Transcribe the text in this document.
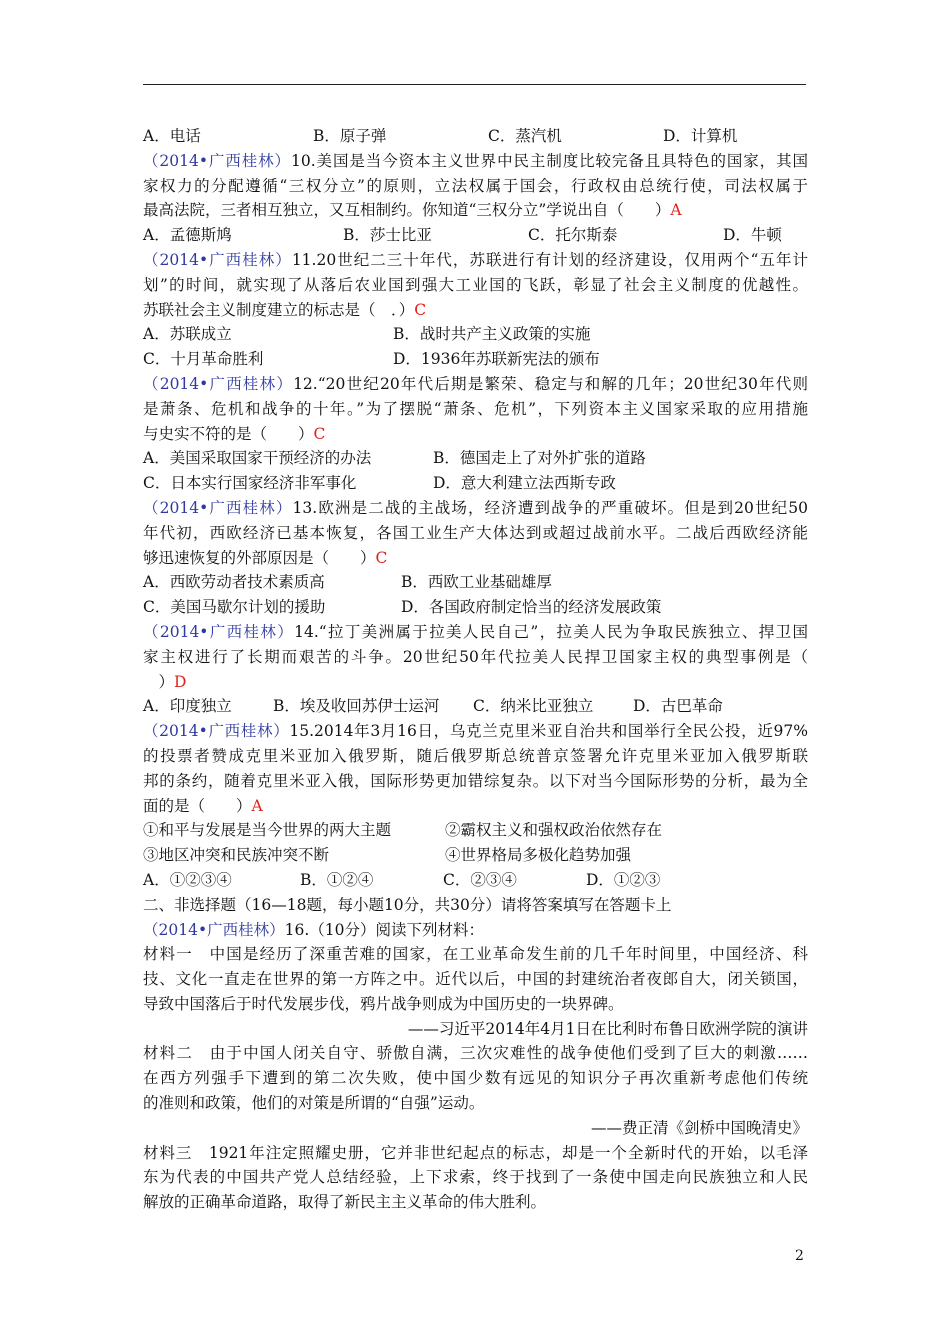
A．电话	B．原子弹	C．蒸汽机	D．计算机
（2014•广西桂林）10.美国是当今资本主义世界中民主制度比较完备且具特色的国家，其国
家权力的分配遵循“三权分立”的原则，立法权属于国会，行政权由总统行使，司法权属于
最高法院，三者相互独立，又互相制约。你知道“三权分立”学说出自（　　）A
A．孟德斯鸠	B．莎士比亚	C．托尔斯泰	D．牛顿
（2014•广西桂林）11.20世纪二三十年代，苏联进行有计划的经济建设，仅用两个“五年计
划”的时间，就实现了从落后农业国到强大工业国的飞跃，彰显了社会主义制度的优越性。
苏联社会主义制度建立的标志是（　．）C
A．苏联成立	B．战时共产主义政策的实施
C．十月革命胜利	D．1936年苏联新宪法的颁布
（2014•广西桂林）12.“20世纪20年代后期是繁荣、稳定与和解的几年；20世纪30年代则
是萧条、危机和战争的十年。”为了摆脱“萧条、危机”，下列资本主义国家采取的应用措施
与史实不符的是（　　）C
A．美国采取国家干预经济的办法	B．德国走上了对外扩张的道路
C．日本实行国家经济非军事化	D．意大利建立法西斯专政
（2014•广西桂林）13.欧洲是二战的主战场，经济遭到战争的严重破坏。但是到20世纪50
年代初，西欧经济已基本恢复，各国工业生产大体达到或超过战前水平。二战后西欧经济能
够迅速恢复的外部原因是（　　）C
A．西欧劳动者技术素质高	B．西欧工业基础雄厚
C．美国马歇尔计划的援助	D．各国政府制定恰当的经济发展政策
（2014•广西桂林）14.“拉丁美洲属于拉美人民自己”，拉美人民为争取民族独立、捍卫国
家主权进行了长期而艰苦的斗争。20世纪50年代拉美人民捍卫国家主权的典型事例是（
　）D
A．印度独立	B．埃及收回苏伊士运河	C．纳米比亚独立	D．古巴革命
（2014•广西桂林）15.2014年3月16日，乌克兰克里米亚自治共和国举行全民公投，近97%
的投票者赞成克里米亚加入俄罗斯，随后俄罗斯总统普京签署允许克里米亚加入俄罗斯联
邦的条约，随着克里米亚入俄，国际形势更加错综复杂。以下对当今国际形势的分析，最为全
面的是（　　）A
①和平与发展是当今世界的两大主题	②霸权主义和强权政治依然存在
③地区冲突和民族冲突不断	④世界格局多极化趋势加强
A．①②③④	B．①②④	C．②③④	D．①②③
二、非选择题（16—18题，每小题10分，共30分）请将答案填写在答题卡上
（2014•广西桂林）16.（10分）阅读下列材料：
材料一　中国是经历了深重苦难的国家，在工业革命发生前的几千年时间里，中国经济、科
技、文化一直走在世界的第一方阵之中。近代以后，中国的封建统治者夜郎自大，闭关锁国，
导致中国落后于时代发展步伐，鸦片战争则成为中国历史的一块界碑。
——习近平2014年4月1日在比利时布鲁日欧洲学院的演讲
材料二　由于中国人闭关自守、骄傲自满，三次灾难性的战争使他们受到了巨大的刺激……
在西方列强手下遭到的第二次失败，使中国少数有远见的知识分子再次重新考虑他们传统
的准则和政策，他们的对策是所谓的“自强”运动。
——费正清《剑桥中国晚清史》
材料三　1921年注定照耀史册，它并非世纪起点的标志，却是一个全新时代的开始，以毛泽
东为代表的中国共产党人总结经验，上下求索，终于找到了一条使中国走向民族独立和人民
解放的正确革命道路，取得了新民主主义革命的伟大胜利。
2
